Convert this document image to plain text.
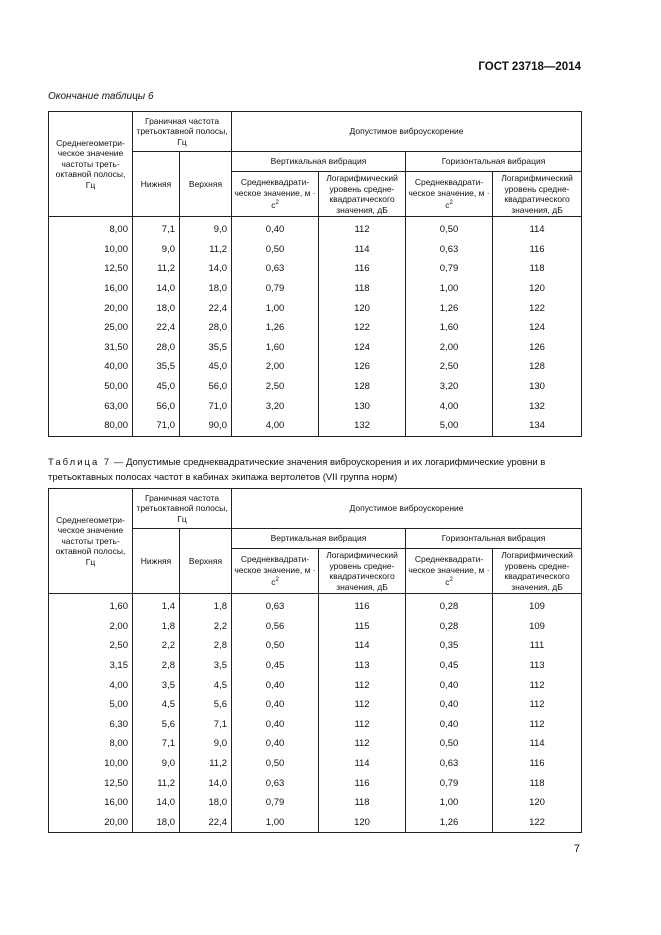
ГОСТ 23718—2014
Окончание таблицы 6
Среднегеометрическое значение частоты третьоктавной полосы, Гц	Граничная частота третьоктавной полосы, Гц		Допустимое виброускорение			
	Нижняя	Верхняя	Вертикальная вибрация		Горизонтальная вибрация	
			Среднеквадратическое значение, $м \cdot с^2$	Логарифмический уровень среднеквадратического значения, дБ	Среднеквадратическое значение, $м \cdot с^2$	Логарифмический уровень среднеквадратического значения, дБ
8,00	7,1	9,0	0,40	112	0,50	114
10,00	9,0	11,2	0,50	114	0,63	116
12,50	11,2	14,0	0,63	116	0,79	118
16,00	14,0	18,0	0,79	118	1,00	120
20,00	18,0	22,4	1,00	120	1,26	122
25,00	22,4	28,0	1,26	122	1,60	124
31,50	28,0	35,5	1,60	124	2,00	126
40,00	35,5	45,0	2,00	126	2,50	128
50,00	45,0	56,0	2,50	128	3,20	130
63,00	56,0	71,0	3,20	130	4,00	132
80,00	71,0	90,0	4,00	132	5,00	134
Таблица 7 — Допустимые среднеквадратические значения виброускорения и их логарифмические уровни в третьоктавных полосах частот в кабинах экипажа вертолетов (VII группа норм)
Среднегеометрическое значение частоты третьоктавной полосы, Гц	Граничная частота третьоктавной полосы, Гц		Допустимое виброускорение			
	Нижняя	Верхняя	Вертикальная вибрация		Горизонтальная вибрация	
			Среднеквадратическое значение, $м \cdot с^2$	Логарифмический уровень среднеквадратического значения, дБ	Среднеквадратическое значение, $м \cdot с^2$	Логарифмический уровень среднеквадратического значения, дБ
1,60	1,4	1,8	0,63	116	0,28	109
2,00	1,8	2,2	0,56	115	0,28	109
2,50	2,2	2,8	0,50	114	0,35	111
3,15	2,8	3,5	0,45	113	0,45	113
4,00	3,5	4,5	0,40	112	0,40	112
5,00	4,5	5,6	0,40	112	0,40	112
6,30	5,6	7,1	0,40	112	0,40	112
8,00	7,1	9,0	0,40	112	0,50	114
10,00	9,0	11,2	0,50	114	0,63	116
12,50	11,2	14,0	0,63	116	0,79	118
16,00	14,0	18,0	0,79	118	1,00	120
20,00	18,0	22,4	1,00	120	1,26	122
7
